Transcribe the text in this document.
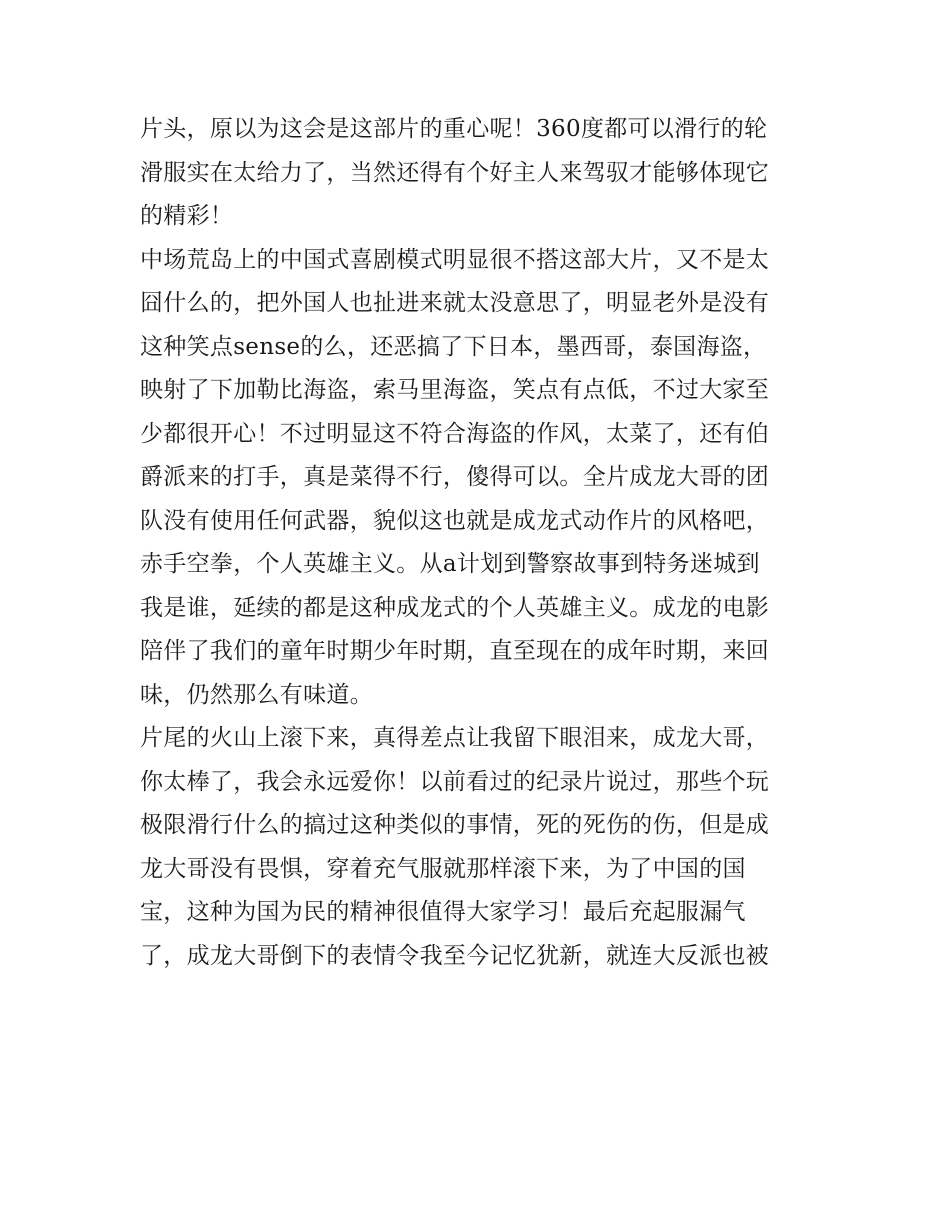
片头，原以为这会是这部片的重心呢！360度都可以滑行的轮
滑服实在太给力了，当然还得有个好主人来驾驭才能够体现它
的精彩！
中场荒岛上的中国式喜剧模式明显很不搭这部大片，又不是太
囧什么的，把外国人也扯进来就太没意思了，明显老外是没有
这种笑点sense的么，还恶搞了下日本，墨西哥，泰国海盗，
映射了下加勒比海盗，索马里海盗，笑点有点低，不过大家至
少都很开心！不过明显这不符合海盗的作风，太菜了，还有伯
爵派来的打手，真是菜得不行，傻得可以。全片成龙大哥的团
队没有使用任何武器，貌似这也就是成龙式动作片的风格吧，
赤手空拳，个人英雄主义。从a计划到警察故事到特务迷城到
我是谁，延续的都是这种成龙式的个人英雄主义。成龙的电影
陪伴了我们的童年时期少年时期，直至现在的成年时期，来回
味，仍然那么有味道。
片尾的火山上滚下来，真得差点让我留下眼泪来，成龙大哥，
你太棒了，我会永远爱你！以前看过的纪录片说过，那些个玩
极限滑行什么的搞过这种类似的事情，死的死伤的伤，但是成
龙大哥没有畏惧，穿着充气服就那样滚下来，为了中国的国
宝，这种为国为民的精神很值得大家学习！最后充起服漏气
了，成龙大哥倒下的表情令我至今记忆犹新，就连大反派也被
